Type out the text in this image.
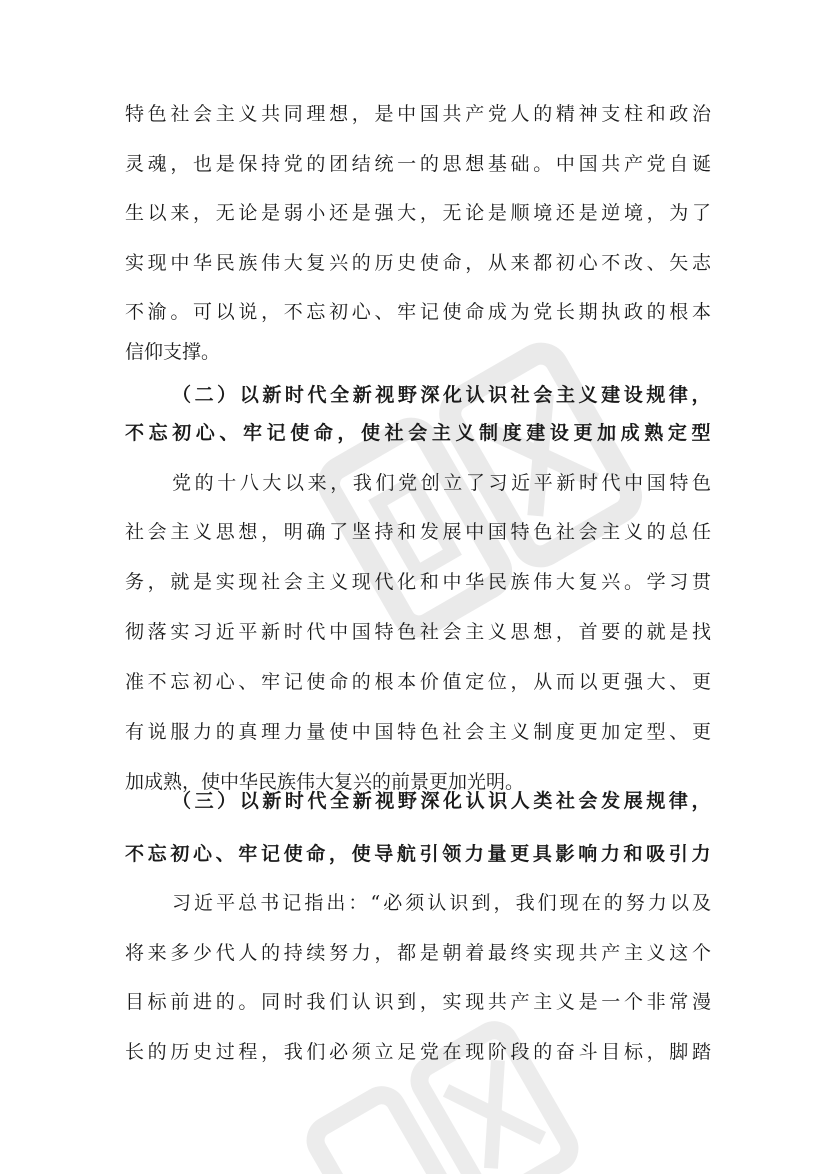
特色社会主义共同理想，是中国共产党人的精神支柱和政治
灵魂，也是保持党的团结统一的思想基础。中国共产党自诞
生以来，无论是弱小还是强大，无论是顺境还是逆境，为了
实现中华民族伟大复兴的历史使命，从来都初心不改、矢志
不渝。可以说，不忘初心、牢记使命成为党长期执政的根本
信仰支撑。
（二）以新时代全新视野深化认识社会主义建设规律，
不忘初心、牢记使命，使社会主义制度建设更加成熟定型
党的十八大以来，我们党创立了习近平新时代中国特色
社会主义思想，明确了坚持和发展中国特色社会主义的总任
务，就是实现社会主义现代化和中华民族伟大复兴。学习贯
彻落实习近平新时代中国特色社会主义思想，首要的就是找
准不忘初心、牢记使命的根本价值定位，从而以更强大、更
有说服力的真理力量使中国特色社会主义制度更加定型、更
加成熟，使中华民族伟大复兴的前景更加光明。
（三）以新时代全新视野深化认识人类社会发展规律，
不忘初心、牢记使命，使导航引领力量更具影响力和吸引力
习近平总书记指出：“必须认识到，我们现在的努力以及
将来多少代人的持续努力，都是朝着最终实现共产主义这个
目标前进的。同时我们认识到，实现共产主义是一个非常漫
长的历史过程，我们必须立足党在现阶段的奋斗目标，脚踏
